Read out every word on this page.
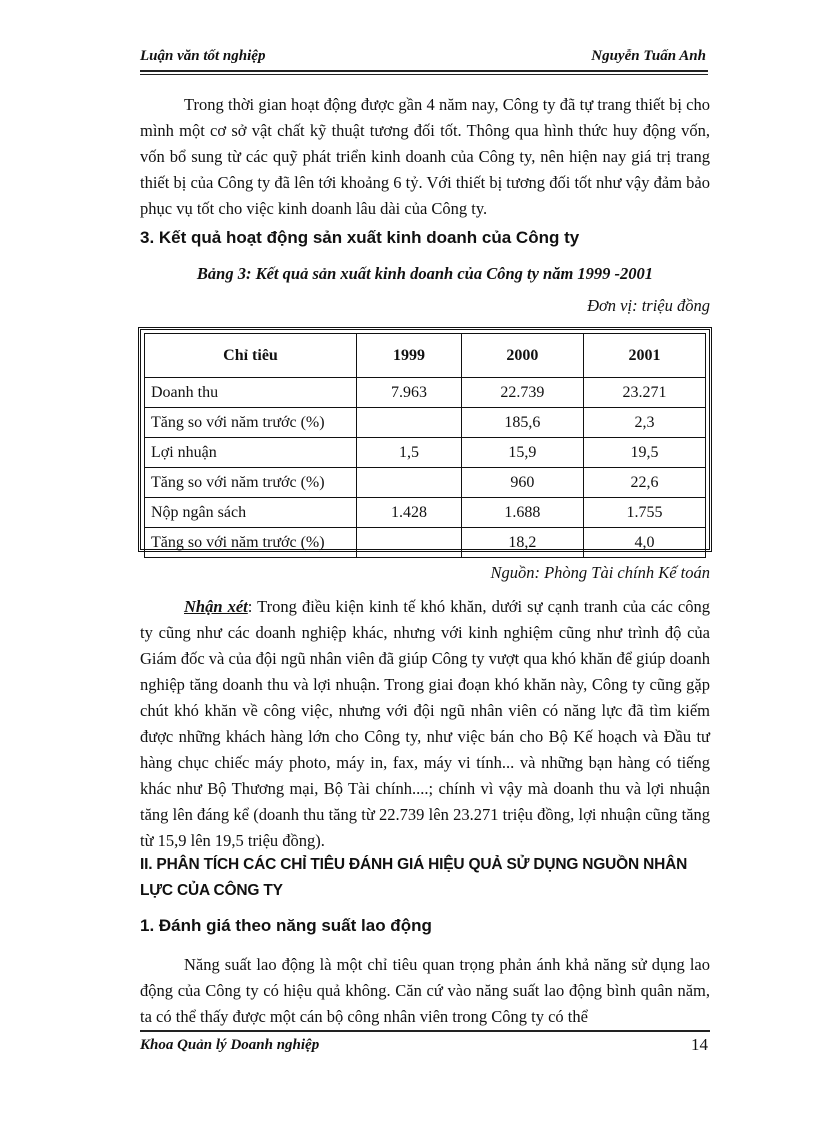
Luận văn tốt nghiệp	Nguyễn Tuấn Anh

Trong thời gian hoạt động được gần 4 năm nay, Công ty đã tự trang thiết bị cho mình một cơ sở vật chất kỹ thuật tương đối tốt. Thông qua hình thức huy động vốn, vốn bổ sung từ các quỹ phát triển kinh doanh của Công ty, nên hiện nay giá trị trang thiết bị của Công ty đã lên tới khoảng 6 tỷ. Với thiết bị tương đối tốt như vậy đảm bảo phục vụ tốt cho việc kinh doanh lâu dài của Công ty.

3. Kết quả hoạt động sản xuất kinh doanh của Công ty

Bảng 3: Kết quả sản xuất kinh doanh của Công ty năm 1999 -2001

Đơn vị: triệu đồng

Chỉ tiêu	1999	2000	2001
Doanh thu	7.963	22.739	23.271
Tăng so với năm trước (%)		185,6	2,3
Lợi nhuận	1,5	15,9	19,5
Tăng so với năm trước (%)		960	22,6
Nộp ngân sách	1.428	1.688	1.755
Tăng so với năm trước (%)		18,2	4,0

Nguồn: Phòng Tài chính Kế toán

Nhận xét: Trong điều kiện kinh tế khó khăn, dưới sự cạnh tranh của các công ty cũng như các doanh nghiệp khác, nhưng với kinh nghiệm cũng như trình độ của Giám đốc và của đội ngũ nhân viên đã giúp Công ty vượt qua khó khăn để giúp doanh nghiệp tăng doanh thu và lợi nhuận. Trong giai đoạn khó khăn này, Công ty cũng gặp chút khó khăn về công việc, nhưng với đội ngũ nhân viên có năng lực đã tìm kiếm được những khách hàng lớn cho Công ty, như việc bán cho Bộ Kế hoạch và Đầu tư hàng chục chiếc máy photo, máy in, fax, máy vi tính... và những bạn hàng có tiếng khác như Bộ Thương mại, Bộ Tài chính....; chính vì vậy mà doanh thu và lợi nhuận tăng lên đáng kể (doanh thu tăng từ 22.739 lên 23.271 triệu đồng, lợi nhuận cũng tăng từ 15,9 lên 19,5 triệu đồng).

II. PHÂN TÍCH CÁC CHỈ TIÊU ĐÁNH GIÁ HIỆU QUẢ SỬ DỤNG NGUỒN NHÂN LỰC CỦA CÔNG TY
1. Đánh giá theo năng suất lao động

Năng suất lao động là một chỉ tiêu quan trọng phản ánh khả năng sử dụng lao động của Công ty có hiệu quả không. Căn cứ vào năng suất lao động bình quân năm, ta có thể thấy được một cán bộ công nhân viên trong Công ty có thể

Khoa Quản lý Doanh nghiệp	14
